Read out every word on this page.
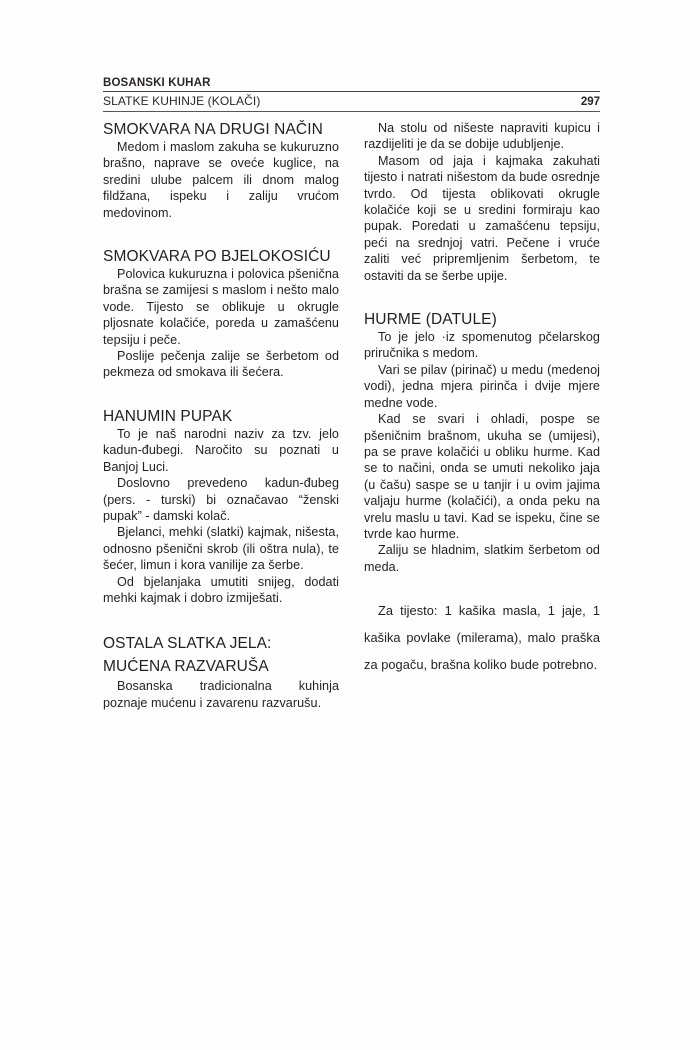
BOSANSKI KUHAR
SLATKE KUHINJE (KOLAČI)	297
SMOKVARA NA DRUGI NAČIN

Medom i maslom zakuha se kukuruzno brašno, naprave se oveće kuglice, na sredini ulube palcem ili dnom malog fildžana, ispeku i zaliju vrućom medovinom.

SMOKVARA PO BJELOKOSIĆU

Polovica kukuruzna i polovica pšenična brašna se zamijesi s maslom i nešto malo vode. Tijesto se oblikuje u okrugle pljosnate kolačiće, poreda u zamašćenu tepsiju i peče.

Poslije pečenja zalije se šerbetom od pekmeza od smokava ili šećera.

HANUMIN PUPAK

To je naš narodni naziv za tzv. jelo kadun-đubegi. Naročito su poznati u Banjoj Luci.

Doslovno prevedeno kadun-đubeg (pers. - turski) bi označavao “ženski pupak” - damski kolač.

Bjelanci, mehki (slatki) kajmak, nišesta, odnosno pšenični skrob (ili oštra nula), te šećer, limun i kora vanilije za šerbe.

Od bjelanjaka umutiti snijeg, dodati mehki kajmak i dobro izmiješati.

OSTALA SLATKA JELA:
MUĆENA RAZVARUŠA

Bosanska tradicionalna kuhinja poznaje mućenu i zavarenu razvarušu.

Na stolu od nišeste napraviti kupicu i razdijeliti je da se dobije udubljenje.

Masom od jaja i kajmaka zakuhati tijesto i natrati nišestom da bude osrednje tvrdo. Od tijesta oblikovati okrugle kolačiće koji se u sredini formiraju kao pupak. Poredati u zamašćenu tepsiju, peći na srednjoj vatri. Pečene i vruće zaliti već pripremljenim šerbetom, te ostaviti da se šerbe upije.

HURME (DATULE)

To je jelo ·iz spomenutog pčelarskog priručnika s medom.

Vari se pilav (pirinač) u medu (medenoj vodi), jedna mjera pirinča i dvije mjere medne vode.

Kad se svari i ohladi, pospe se pšeničnim brašnom, ukuha se (umijesi), pa se prave kolačići u obliku hurme. Kad se to načini, onda se umuti nekoliko jaja (u čašu) saspe se u tanjir i u ovim jajima valjaju hurme (kolačići), a onda peku na vrelu maslu u tavi. Kad se ispeku, čine se tvrde kao hurme.

Zaliju se hladnim, slatkim šerbetom od meda.

Za tijesto: 1 kašika masla, 1 jaje, 1 kašika povlake (milerama), malo praška za pogaču, brašna koliko bude potrebno.
